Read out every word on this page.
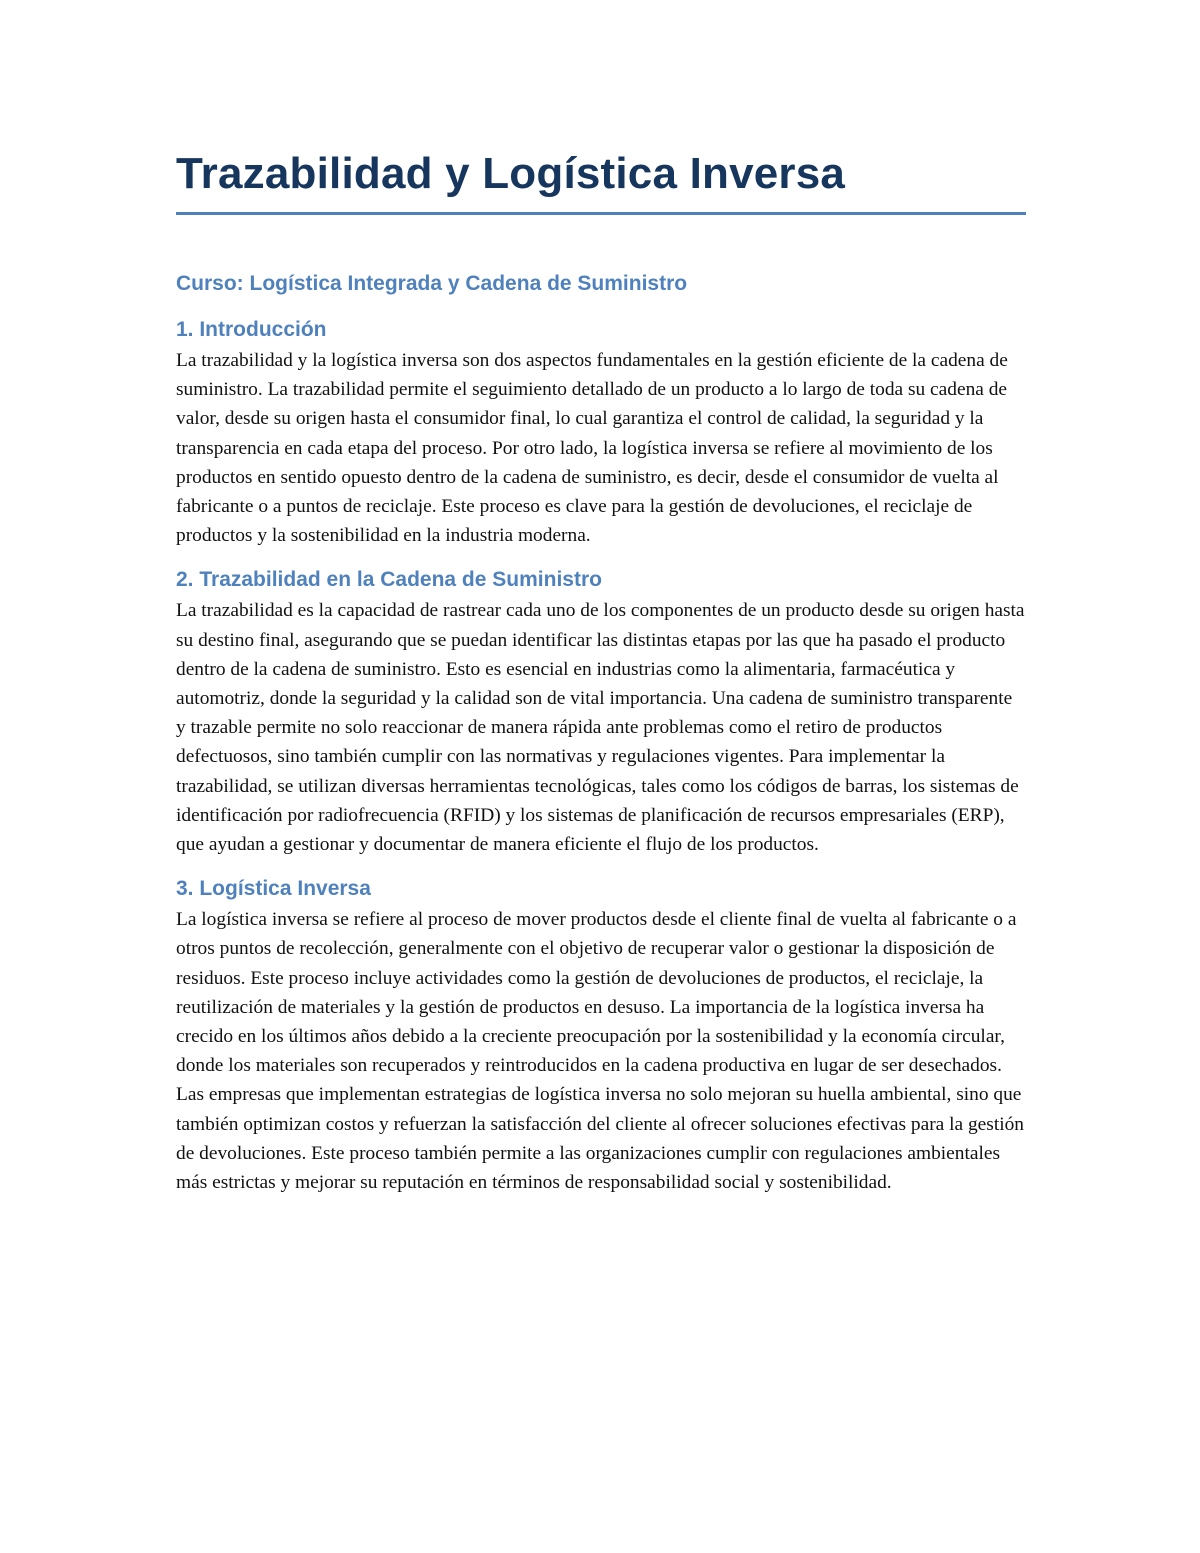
Trazabilidad y Logística Inversa
Curso: Logística Integrada y Cadena de Suministro
1. Introducción

La trazabilidad y la logística inversa son dos aspectos fundamentales en la gestión eficiente de la cadena de suministro. La trazabilidad permite el seguimiento detallado de un producto a lo largo de toda su cadena de valor, desde su origen hasta el consumidor final, lo cual garantiza el control de calidad, la seguridad y la transparencia en cada etapa del proceso. Por otro lado, la logística inversa se refiere al movimiento de los productos en sentido opuesto dentro de la cadena de suministro, es decir, desde el consumidor de vuelta al fabricante o a puntos de reciclaje. Este proceso es clave para la gestión de devoluciones, el reciclaje de productos y la sostenibilidad en la industria moderna.

2. Trazabilidad en la Cadena de Suministro

La trazabilidad es la capacidad de rastrear cada uno de los componentes de un producto desde su origen hasta su destino final, asegurando que se puedan identificar las distintas etapas por las que ha pasado el producto dentro de la cadena de suministro. Esto es esencial en industrias como la alimentaria, farmacéutica y automotriz, donde la seguridad y la calidad son de vital importancia. Una cadena de suministro transparente y trazable permite no solo reaccionar de manera rápida ante problemas como el retiro de productos defectuosos, sino también cumplir con las normativas y regulaciones vigentes. Para implementar la trazabilidad, se utilizan diversas herramientas tecnológicas, tales como los códigos de barras, los sistemas de identificación por radiofrecuencia (RFID) y los sistemas de planificación de recursos empresariales (ERP), que ayudan a gestionar y documentar de manera eficiente el flujo de los productos.

3. Logística Inversa

La logística inversa se refiere al proceso de mover productos desde el cliente final de vuelta al fabricante o a otros puntos de recolección, generalmente con el objetivo de recuperar valor o gestionar la disposición de residuos. Este proceso incluye actividades como la gestión de devoluciones de productos, el reciclaje, la reutilización de materiales y la gestión de productos en desuso. La importancia de la logística inversa ha crecido en los últimos años debido a la creciente preocupación por la sostenibilidad y la economía circular, donde los materiales son recuperados y reintroducidos en la cadena productiva en lugar de ser desechados. Las empresas que implementan estrategias de logística inversa no solo mejoran su huella ambiental, sino que también optimizan costos y refuerzan la satisfacción del cliente al ofrecer soluciones efectivas para la gestión de devoluciones. Este proceso también permite a las organizaciones cumplir con regulaciones ambientales más estrictas y mejorar su reputación en términos de responsabilidad social y sostenibilidad.
